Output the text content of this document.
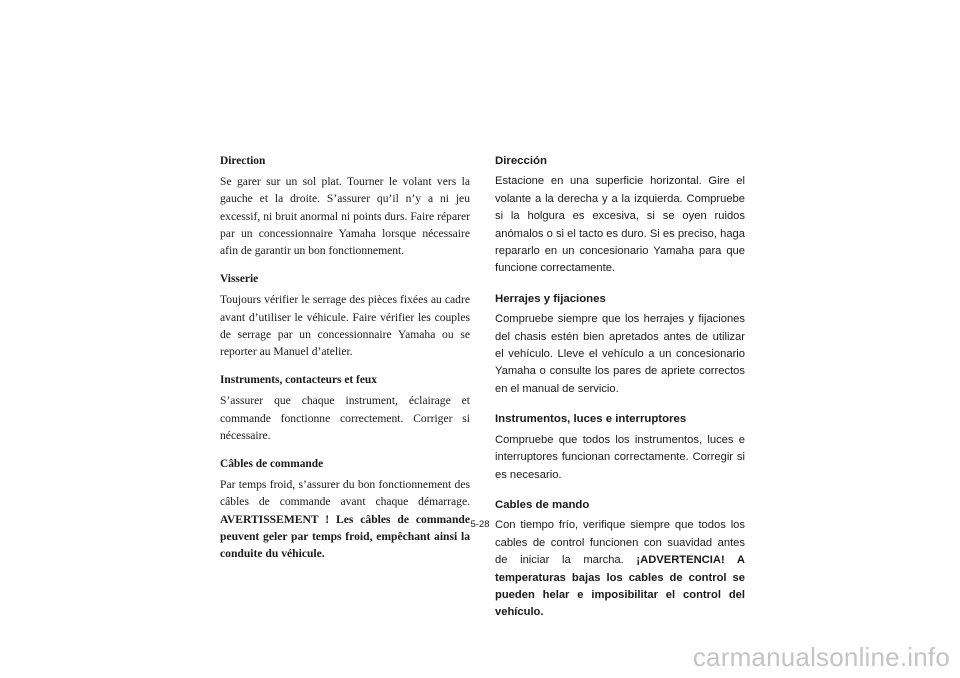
Direction

Se garer sur un sol plat. Tourner le volant vers la gauche et la droite. S’assurer qu’il n’y a ni jeu excessif, ni bruit anormal ni points durs. Faire réparer par un concessionnaire Yamaha lorsque nécessaire afin de garantir un bon fonctionnement.

Visserie

Toujours vérifier le serrage des pièces fixées au cadre avant d’utiliser le véhicule. Faire vérifier les couples de serrage par un concessionnaire Yamaha ou se reporter au Manuel d’atelier.

Instruments, contacteurs et feux

S’assurer que chaque instrument, éclairage et commande fonctionne correctement. Corriger si nécessaire.

Câbles de commande

Par temps froid, s’assurer du bon fonctionnement des câbles de commande avant chaque démarrage. AVERTISSEMENT ! Les câbles de commande peuvent geler par temps froid, empêchant ainsi la conduite du véhicule.

Dirección

Estacione en una superficie horizontal. Gire el volante a la derecha y a la izquierda. Compruebe si la holgura es excesiva, si se oyen ruidos anómalos o si el tacto es duro. Si es preciso, haga repararlo en un concesionario Yamaha para que funcione correctamente.

Herrajes y fijaciones

Compruebe siempre que los herrajes y fijaciones del chasis estén bien apretados antes de utilizar el vehículo. Lleve el vehículo a un concesionario Yamaha o consulte los pares de apriete correctos en el manual de servicio.

Instrumentos, luces e interruptores

Compruebe que todos los instrumentos, luces e interruptores funcionan correctamente. Corregir si es necesario.

Cables de mando

Con tiempo frío, verifique siempre que todos los cables de control funcionen con suavidad antes de iniciar la marcha. ¡ADVERTENCIA! A temperaturas bajas los cables de control se pueden helar e imposibilitar el control del vehículo.

5-28
carmanualsonline.info
